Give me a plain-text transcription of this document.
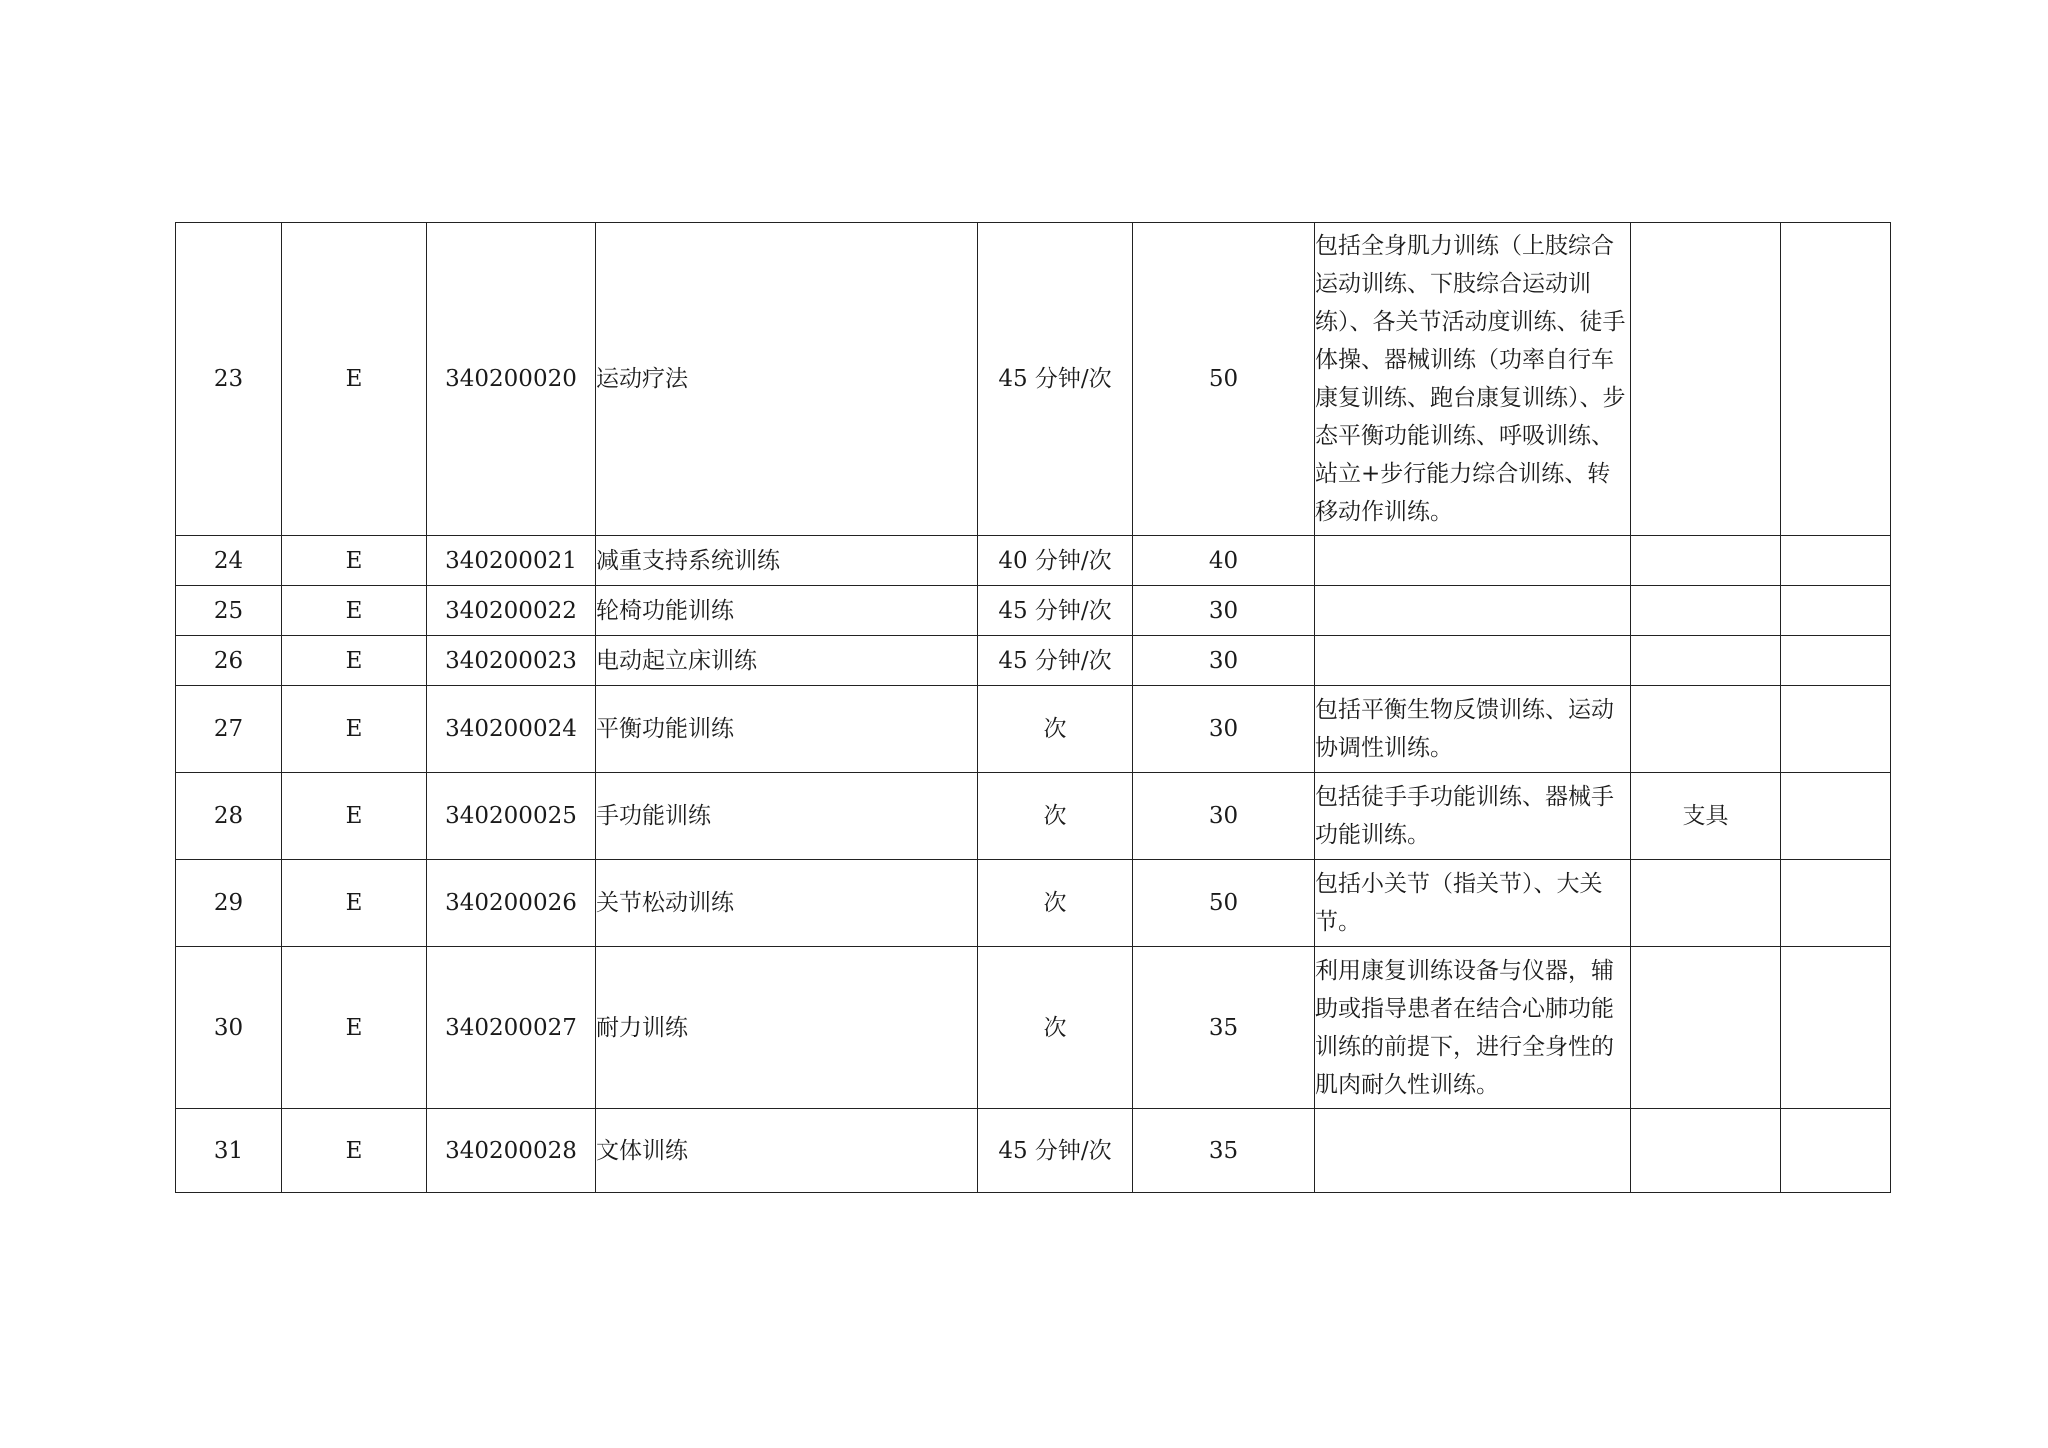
23	E	340200020	运动疗法	45 分钟/次	50	包括全身肌力训练（上肢综合运动训练、下肢综合运动训练）、各关节活动度训练、徒手体操、器械训练（功率自行车康复训练、跑台康复训练）、步态平衡功能训练、呼吸训练、站立+步行能力综合训练、转移动作训练。		
24	E	340200021	减重支持系统训练	40 分钟/次	40			
25	E	340200022	轮椅功能训练	45 分钟/次	30			
26	E	340200023	电动起立床训练	45 分钟/次	30			
27	E	340200024	平衡功能训练	次	30	包括平衡生物反馈训练、运动协调性训练。		
28	E	340200025	手功能训练	次	30	包括徒手手功能训练、器械手功能训练。	支具	
29	E	340200026	关节松动训练	次	50	包括小关节（指关节）、大关节。		
30	E	340200027	耐力训练	次	35	利用康复训练设备与仪器，辅助或指导患者在结合心肺功能训练的前提下，进行全身性的肌肉耐久性训练。		
31	E	340200028	文体训练	45 分钟/次	35			
